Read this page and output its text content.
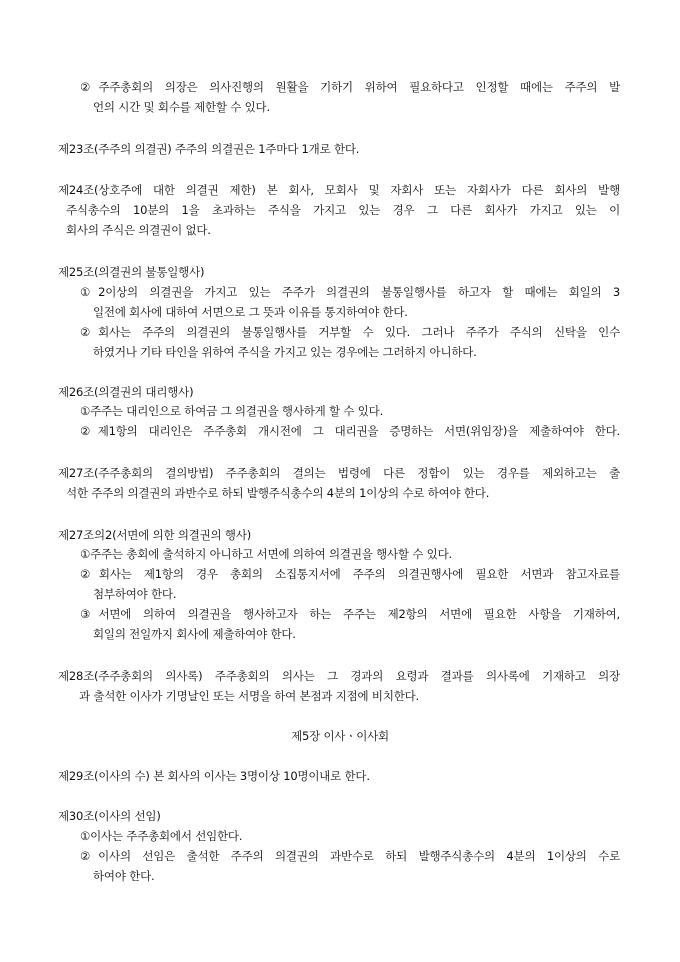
②주주총회의 의장은 의사진행의 원활을 기하기 위하여 필요하다고 인정할 때에는 주주의 발
언의 시간 및 회수를 제한할 수 있다.
제23조(주주의 의결권) 주주의 의결권은 1주마다 1개로 한다.
제24조(상호주에 대한 의결권 제한) 본 회사, 모회사 및 자회사 또는 자회사가 다른 회사의 발행
주식총수의 10분의 1을 초과하는 주식을 가지고 있는 경우 그 다른 회사가 가지고 있는 이
회사의 주식은 의결권이 없다.
제25조(의결권의 불통일행사)
①2이상의 의결권을 가지고 있는 주주가 의결권의 불통일행사를 하고자 할 때에는 회일의 3
일전에 회사에 대하여 서면으로 그 뜻과 이유를 통지하여야 한다.
②회사는 주주의 의결권의 불통일행사를 거부할 수 있다. 그러나 주주가 주식의 신탁을 인수
하였거나 기타 타인을 위하여 주식을 가지고 있는 경우에는 그러하지 아니하다.
제26조(의결권의 대리행사)
①주주는 대리인으로 하여금 그 의결권을 행사하게 할 수 있다.
②제1항의 대리인은 주주총회 개시전에 그 대리권을 증명하는 서면(위임장)을 제출하여야 한다.
제27조(주주총회의 결의방법) 주주총회의 결의는 법령에 다른 정함이 있는 경우를 제외하고는 출
석한 주주의 의결권의 과반수로 하되 발행주식총수의 4분의 1이상의 수로 하여야 한다.
제27조의2(서면에 의한 의결권의 행사)
①주주는 총회에 출석하지 아니하고 서면에 의하여 의결권을 행사할 수 있다.
②회사는 제1항의 경우 총회의 소집통지서에 주주의 의결권행사에 필요한 서면과 참고자료를
첨부하여야 한다.
③서면에 의하여 의결권을 행사하고자 하는 주주는 제2항의 서면에 필요한 사항을 기재하여,
회일의 전일까지 회사에 제출하여야 한다.
제28조(주주총회의 의사록) 주주총회의 의사는 그 경과의 요령과 결과를 의사록에 기재하고 의장
과 출석한 이사가 기명날인 또는 서명을 하여 본점과 지점에 비치한다.
제5장 이사ㆍ이사회
제29조(이사의 수) 본 회사의 이사는 3명이상 10명이내로 한다.
제30조(이사의 선임)
①이사는 주주총회에서 선임한다.
②이사의 선임은 출석한 주주의 의결권의 과반수로 하되 발행주식총수의 4분의 1이상의 수로
하여야 한다.
